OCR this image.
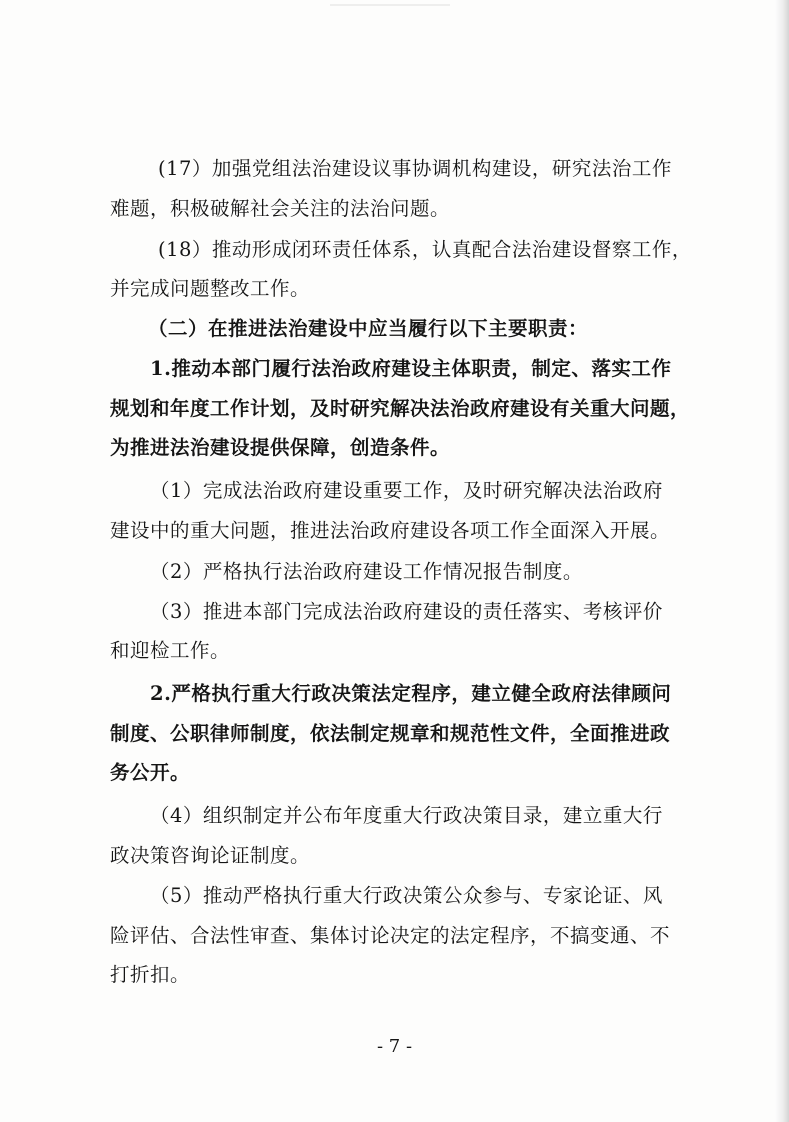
(17）加强党组法治建设议事协调机构建设，研究法治工作
难题，积极破解社会关注的法治问题。
(18）推动形成闭环责任体系，认真配合法治建设督察工作，
并完成问题整改工作。
（二）在推进法治建设中应当履行以下主要职责：
1.推动本部门履行法治政府建设主体职责，制定、落实工作
规划和年度工作计划，及时研究解决法治政府建设有关重大问题，
为推进法治建设提供保障，创造条件。
（1）完成法治政府建设重要工作，及时研究解决法治政府
建设中的重大问题，推进法治政府建设各项工作全面深入开展。
（2）严格执行法治政府建设工作情况报告制度。
（3）推进本部门完成法治政府建设的责任落实、考核评价
和迎检工作。
2.严格执行重大行政决策法定程序，建立健全政府法律顾问
制度、公职律师制度，依法制定规章和规范性文件，全面推进政
务公开。
（4）组织制定并公布年度重大行政决策目录，建立重大行
政决策咨询论证制度。
（5）推动严格执行重大行政决策公众参与、专家论证、风
险评估、合法性审查、集体讨论决定的法定程序，不搞变通、不
打折扣。
- 7 -
